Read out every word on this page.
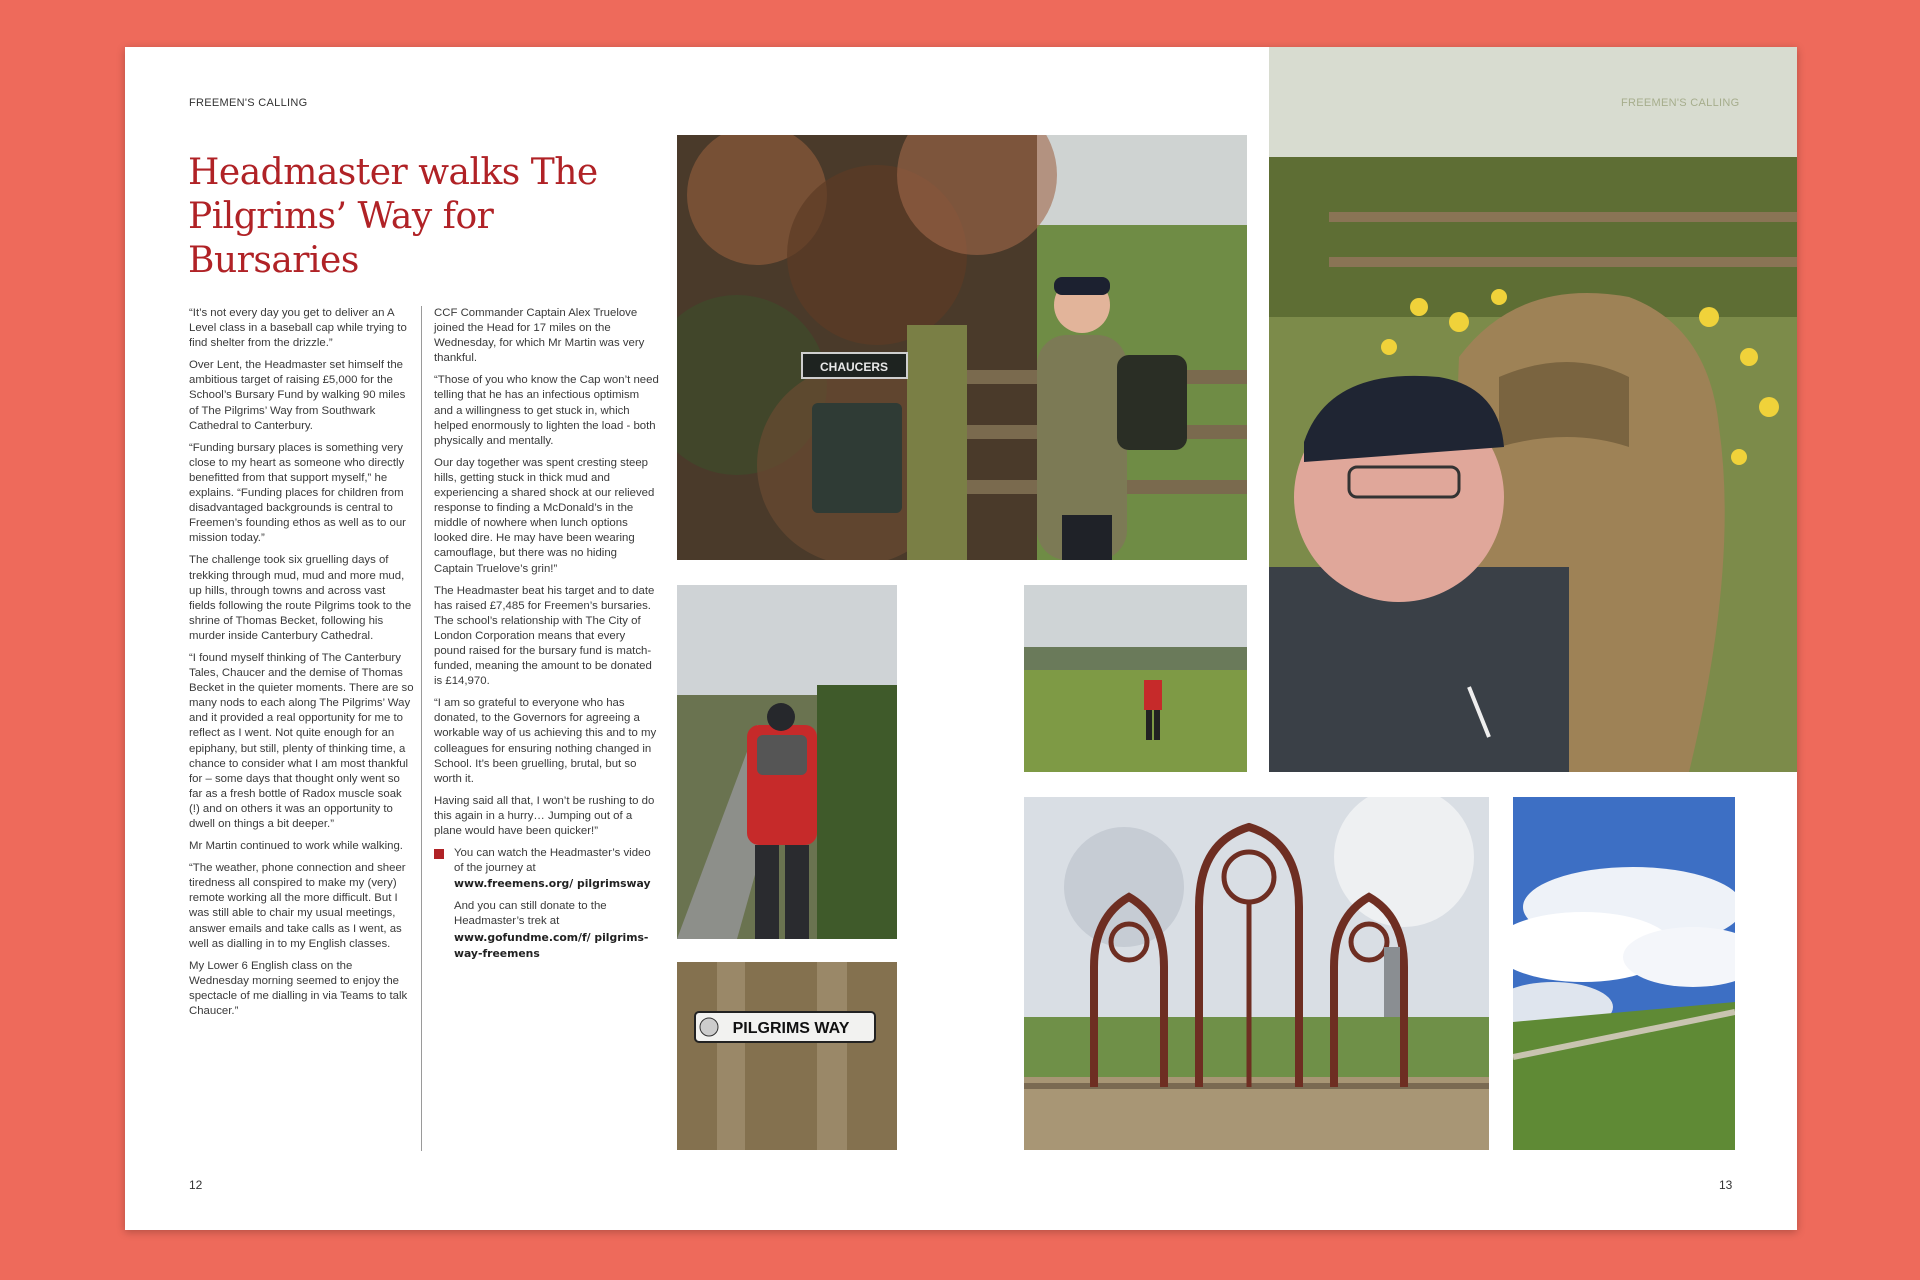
FREEMEN'S CALLING
Headmaster walks The Pilgrims’ Way for Bursaries

“It’s not every day you get to deliver an A Level class in a baseball cap while trying to find shelter from the drizzle.”

Over Lent, the Headmaster set himself the ambitious target of raising £5,000 for the School’s Bursary Fund by walking 90 miles of The Pilgrims’ Way from Southwark Cathedral to Canterbury.

“Funding bursary places is something very close to my heart as someone who directly benefitted from that support myself,” he explains. “Funding places for children from disadvantaged backgrounds is central to Freemen’s founding ethos as well as to our mission today.”

The challenge took six gruelling days of trekking through mud, mud and more mud, up hills, through towns and across vast fields following the route Pilgrims took to the shrine of Thomas Becket, following his murder inside Canterbury Cathedral.

“I found myself thinking of The Canterbury Tales, Chaucer and the demise of Thomas Becket in the quieter moments. There are so many nods to each along The Pilgrims’ Way and it provided a real opportunity for me to reflect as I went. Not quite enough for an epiphany, but still, plenty of thinking time, a chance to consider what I am most thankful for – some days that thought only went so far as a fresh bottle of Radox muscle soak (!) and on others it was an opportunity to dwell on things a bit deeper.”

Mr Martin continued to work while walking.

“The weather, phone connection and sheer tiredness all conspired to make my (very) remote working all the more difficult. But I was still able to chair my usual meetings, answer emails and take calls as I went, as well as dialling in to my English classes.

My Lower 6 English class on the Wednesday morning seemed to enjoy the spectacle of me dialling in via Teams to talk Chaucer.”

CCF Commander Captain Alex Truelove joined the Head for 17 miles on the Wednesday, for which Mr Martin was very thankful.

“Those of you who know the Cap won’t need telling that he has an infectious optimism and a willingness to get stuck in, which helped enormously to lighten the load - both physically and mentally.

Our day together was spent cresting steep hills, getting stuck in thick mud and experiencing a shared shock at our relieved response to finding a McDonald’s in the middle of nowhere when lunch options looked dire. He may have been wearing camouflage, but there was no hiding Captain Truelove’s grin!”

The Headmaster beat his target and to date has raised £7,485 for Freemen’s bursaries. The school’s relationship with The City of London Corporation means that every pound raised for the bursary fund is match-funded, meaning the amount to be donated is £14,970.

“I am so grateful to everyone who has donated, to the Governors for agreeing a workable way of us achieving this and to my colleagues for ensuring nothing changed in School. It’s been gruelling, brutal, but so worth it.

Having said all that, I won’t be rushing to do this again in a hurry… Jumping out of a plane would have been quicker!”

You can watch the Headmaster’s video of the journey at
www.freemens.org/ pilgrimsway

And you can still donate to the Headmaster’s trek at
www.gofundme.com/f/ pilgrims-way-freemens

CHAUCERS
FREEMEN'S CALLING
PILGRIMS WAY
12	13
